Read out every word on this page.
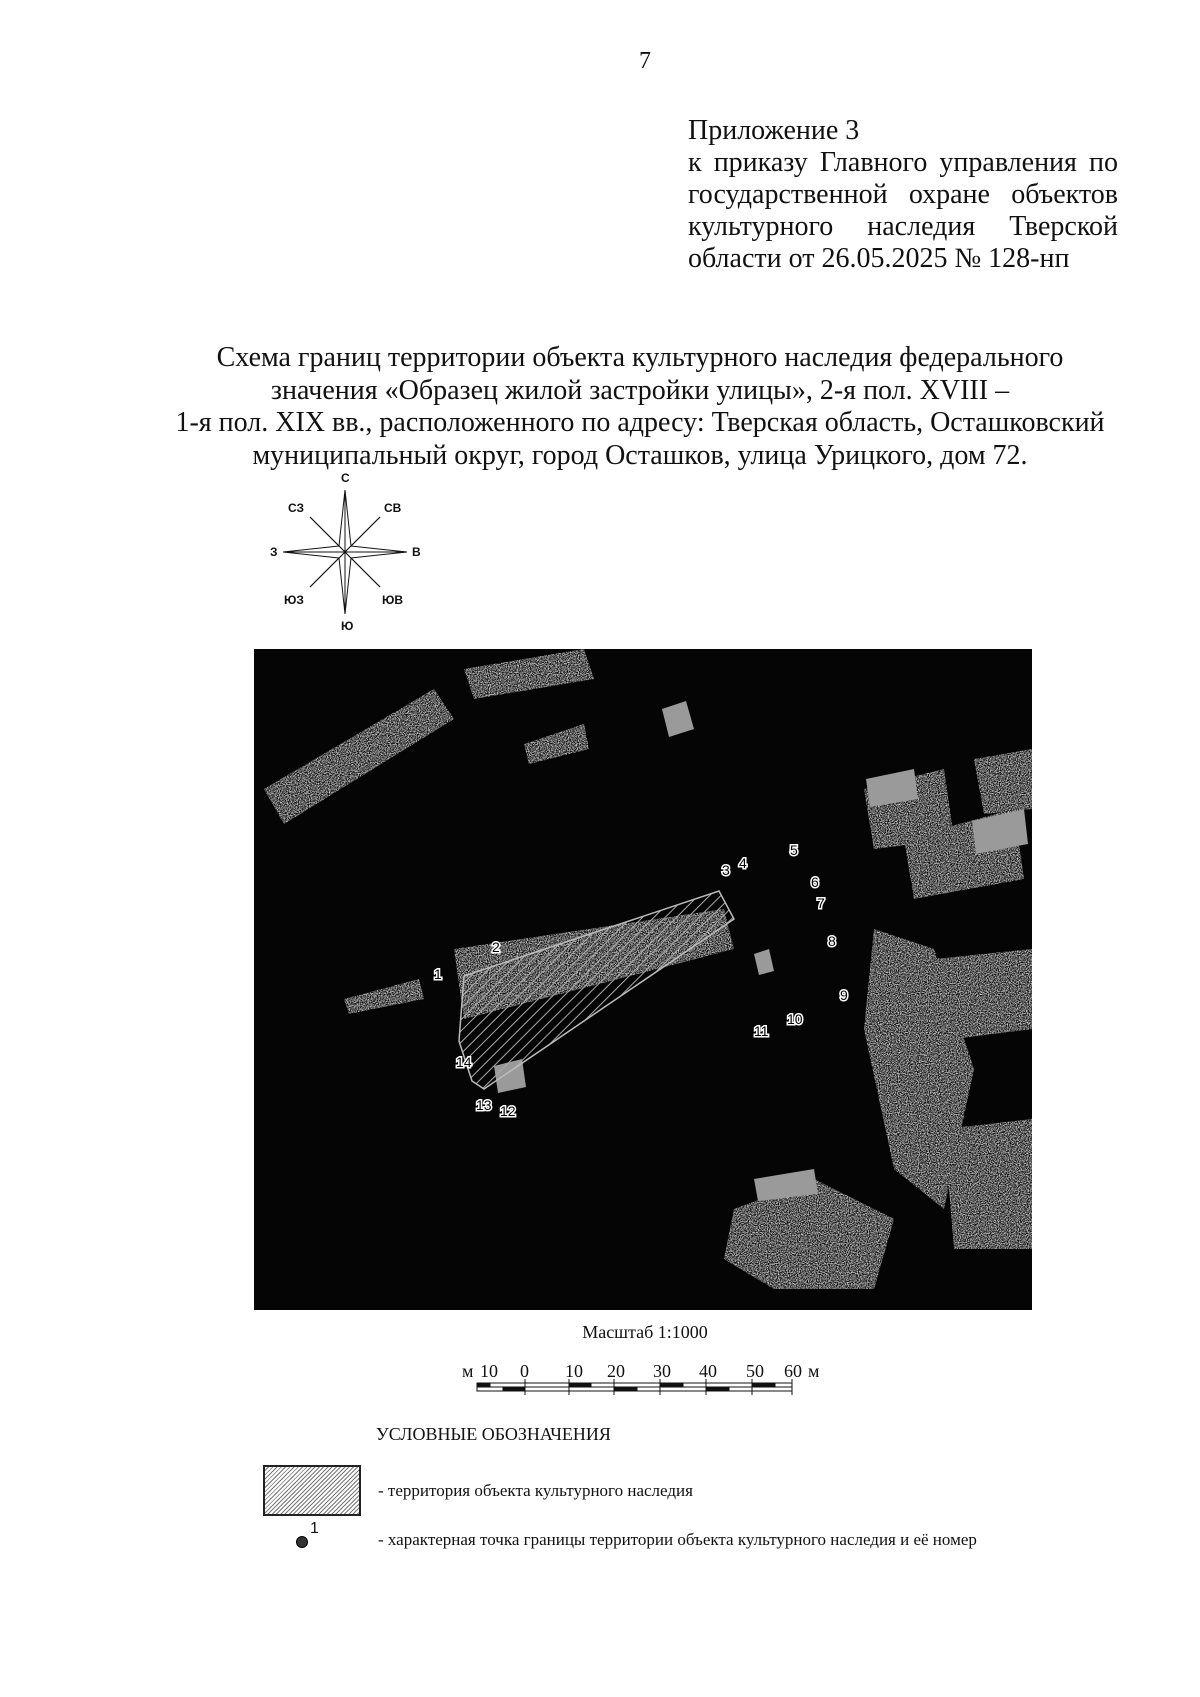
7
Приложение 3
к приказу Главного управления по
государственной охране объектов
культурного наследия Тверской
области от 26.05.2025 № 128-нп
Схема границ территории объекта культурного наследия федерального
значения «Образец жилой застройки улицы», 2-я пол. XVIII –
1-я пол. XIX вв., расположенного по адресу: Тверская область, Осташковский
муниципальный округ, город Осташков, улица Урицкого, дом 72.
С
СВ
В
ЮВ
Ю
ЮЗ
З
СЗ
1
2
3 4
5
6
7
8
9
10
11
12
13
14
Масштаб 1:1000
м 10 0 10 20 30 40 50 60 м
УСЛОВНЫЕ ОБОЗНАЧЕНИЯ
- территория объекта культурного наследия
1
- характерная точка границы территории объекта культурного наследия и её номер
